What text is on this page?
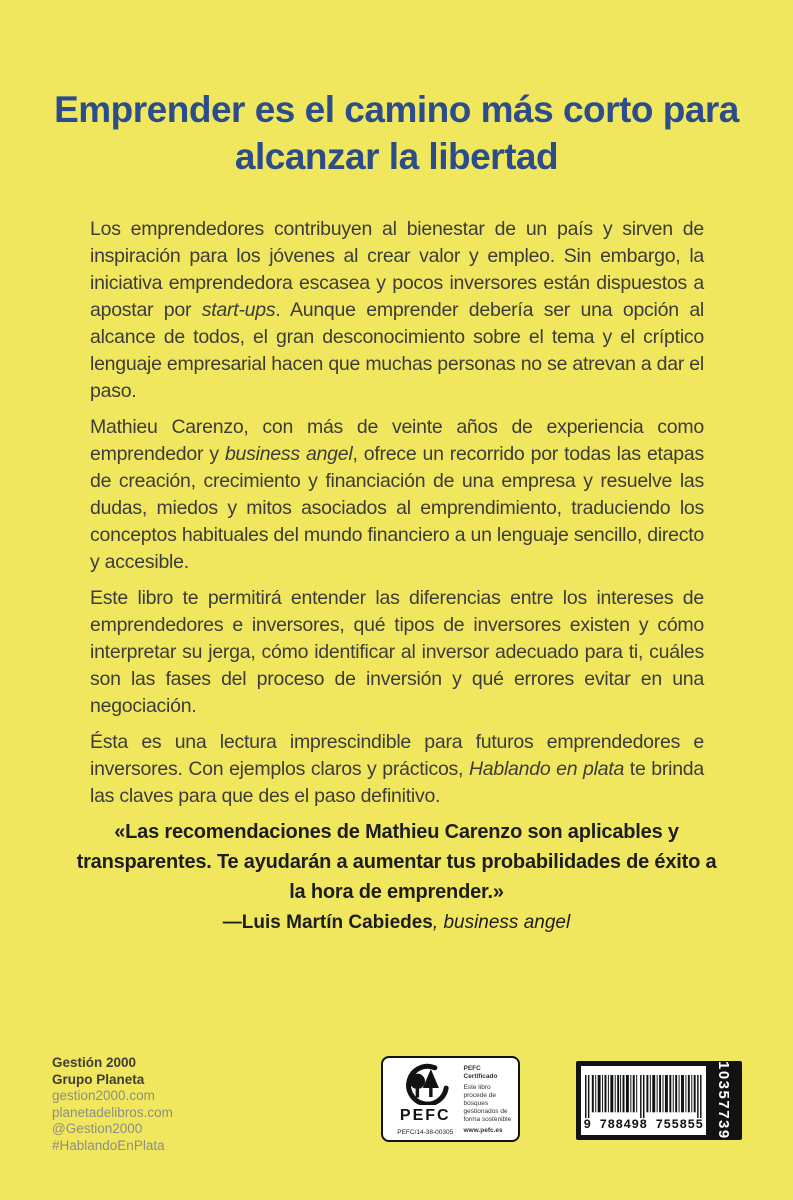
Emprender es el camino más corto para alcanzar la libertad

Los emprendedores contribuyen al bienestar de un país y sirven de inspiración para los jóvenes al crear valor y empleo. Sin embargo, la iniciativa emprendedora escasea y pocos inversores están dispuestos a apostar por start-ups. Aunque emprender debería ser una opción al alcance de todos, el gran desconocimiento sobre el tema y el críptico lenguaje empresarial hacen que muchas personas no se atrevan a dar el paso.

Mathieu Carenzo, con más de veinte años de experiencia como emprendedor y business angel, ofrece un recorrido por todas las etapas de creación, crecimiento y financiación de una empresa y resuelve las dudas, miedos y mitos asociados al emprendimiento, traduciendo los conceptos habituales del mundo financiero a un lenguaje sencillo, directo y accesible.

Este libro te permitirá entender las diferencias entre los intereses de emprendedores e inversores, qué tipos de inversores existen y cómo interpretar su jerga, cómo identificar al inversor adecuado para ti, cuáles son las fases del proceso de inversión y qué errores evitar en una negociación.

Ésta es una lectura imprescindible para futuros emprendedores e inversores. Con ejemplos claros y prácticos, Hablando en plata te brinda las claves para que des el paso definitivo.

«Las recomendaciones de Mathieu Carenzo son aplicables y transparentes. Te ayudarán a aumentar tus probabilidades de éxito a la hora de emprender.»

—Luis Martín Cabiedes, business angel

Gestión 2000
Grupo Planeta
gestion2000.com
planetadelibros.com
@Gestion2000
#HablandoEnPlata
PEFC
PEFC/14-38-00305
PEFC Certificado
Este libro procede de bosques gestionados de forma sostenible
www.pefc.es	9 788498 755855 10357739
